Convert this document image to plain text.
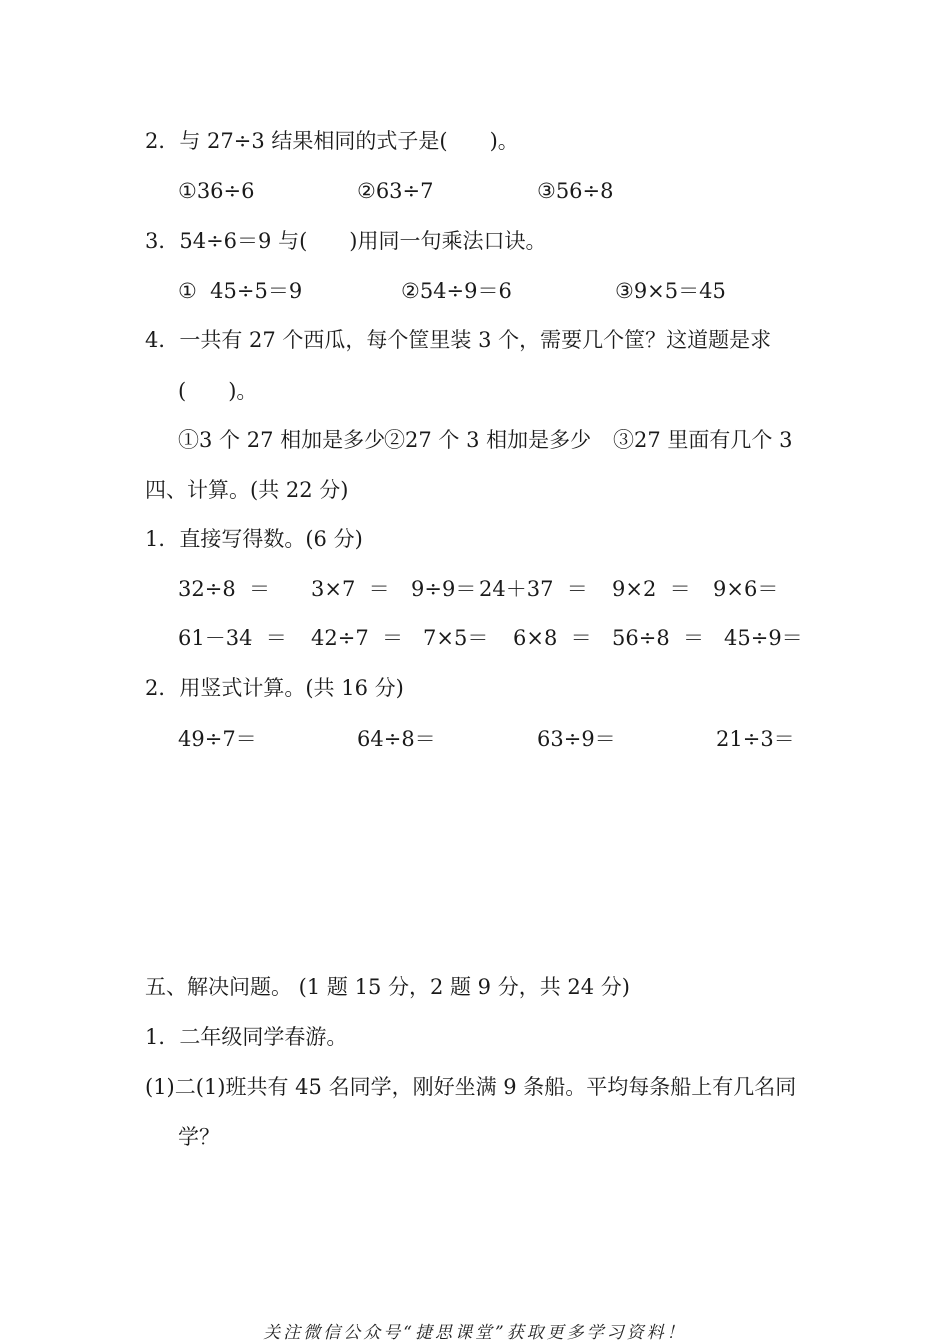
2．与 27÷3 结果相同的式子是(　　)。
①36÷6	②63÷7	③56÷8
3．54÷6＝9 与(　　)用同一句乘法口诀。
①  45÷5＝9	②54÷9＝6	③9×5＝45
4．一共有 27 个西瓜，每个筐里装 3 个，需要几个筐？这道题是求
(　　)。
①3 个 27 相加是多少
②27 个 3 相加是多少 ③27 里面有几个 3
四、计算。(共 22 分)
1．直接写得数。(6 分)
32÷8  ＝ 3×7  ＝ 9÷9＝ 24＋37  ＝ 9×2  ＝ 9×6＝
61－34  ＝ 42÷7  ＝ 7×5＝ 6×8  ＝ 56÷8  ＝ 45÷9＝
2．用竖式计算。(共 16 分)
49÷7＝	64÷8＝	63÷9＝	21÷3＝
五、解决问题。 (1 题 15 分，2 题 9 分，共 24 分)
1．二年级同学春游。
(1)二(1)班共有 45 名同学，刚好坐满 9 条船。平均每条船上有几名同
学？
关注微信公众号“捷思课堂”获取更多学习资料！
